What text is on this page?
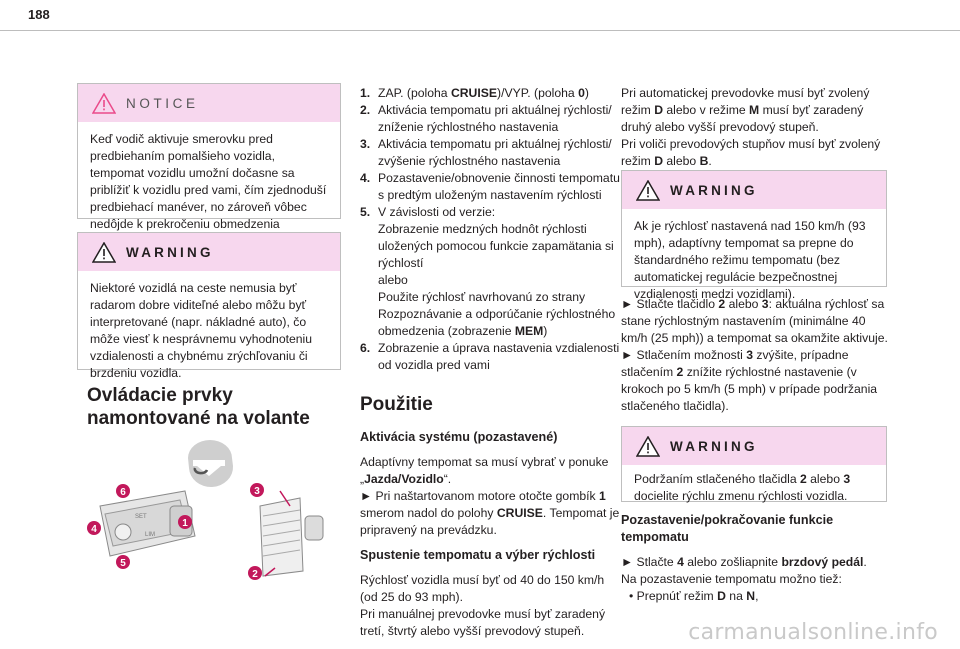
188
NOTICE
Keď vodič aktivuje smerovku pred predbiehaním pomalšieho vozidla, tempomat vozidlu umožní dočasne sa priblížiť k vozidlu pred vami, čím zjednoduší predbiehací manéver, no zároveň vôbec nedôjde k prekročeniu obmedzenia
WARNING
Niektoré vozidlá na ceste nemusia byť radarom dobre viditeľné alebo môžu byť interpretované (napr. nákladné auto), čo môže viesť k nesprávnemu vyhodnoteniu vzdialenosti a chybnému zrýchľovaniu či brzdeniu vozidla.
Ovládacie prvky namontované na volante
SET
LIM
1
2
3
4
5
6
1. ZAP. (poloha CRUISE)/VYP. (poloha 0)
2. Aktivácia tempomatu pri aktuálnej rýchlosti/ zníženie rýchlostného nastavenia
3. Aktivácia tempomatu pri aktuálnej rýchlosti/ zvýšenie rýchlostného nastavenia
4. Pozastavenie/obnovenie činnosti tempomatu s predtým uloženým nastavením rýchlosti
5. V závislosti od verzie:
Zobrazenie medzných hodnôt rýchlosti uložených pomocou funkcie zapamätania si rýchlostí
alebo
Použite rýchlosť navrhovanú zo strany Rozpoznávanie a odporúčanie rýchlostného obmedzenia (zobrazenie MEM)
6. Zobrazenie a úprava nastavenia vzdialenosti od vozidla pred vami
Použitie
Aktivácia systému (pozastavené)
Adaptívny tempomat sa musí vybrať v ponuke „Jazda/Vozidlo“.
► Pri naštartovanom motore otočte gombík 1 smerom nadol do polohy CRUISE. Tempomat je pripravený na prevádzku.
Spustenie tempomatu a výber rýchlosti
Rýchlosť vozidla musí byť od 40 do 150 km/h (od 25 do 93 mph).
Pri manuálnej prevodovke musí byť zaradený tretí, štvrtý alebo vyšší prevodový stupeň.
Pri automatickej prevodovke musí byť zvolený režim D alebo v režime M musí byť zaradený druhý alebo vyšší prevodový stupeň.
Pri voliči prevodových stupňov musí byť zvolený režim D alebo B.
WARNING
Ak je rýchlosť nastavená nad 150 km/h (93 mph), adaptívny tempomat sa prepne do štandardného režimu tempomatu (bez automatickej regulácie bezpečnostnej vzdialenosti medzi vozidlami).
► Stlačte tlačidlo 2 alebo 3: aktuálna rýchlosť sa stane rýchlostným nastavením (minimálne 40 km/h (25 mph)) a tempomat sa okamžite aktivuje.
► Stlačením možnosti 3 zvýšite, prípadne stlačením 2 znížite rýchlostné nastavenie (v krokoch po 5 km/h (5 mph) v prípade podržania stlačeného tlačidla).
WARNING
Podržaním stlačeného tlačidla 2 alebo 3 docielite rýchlu zmenu rýchlosti vozidla.
Pozastavenie/pokračovanie funkcie tempomatu
► Stlačte 4 alebo zošliapnite brzdový pedál.
Na pozastavenie tempomatu možno tiež:
• Prepnúť režim D na N,
carmanualsonline.info
